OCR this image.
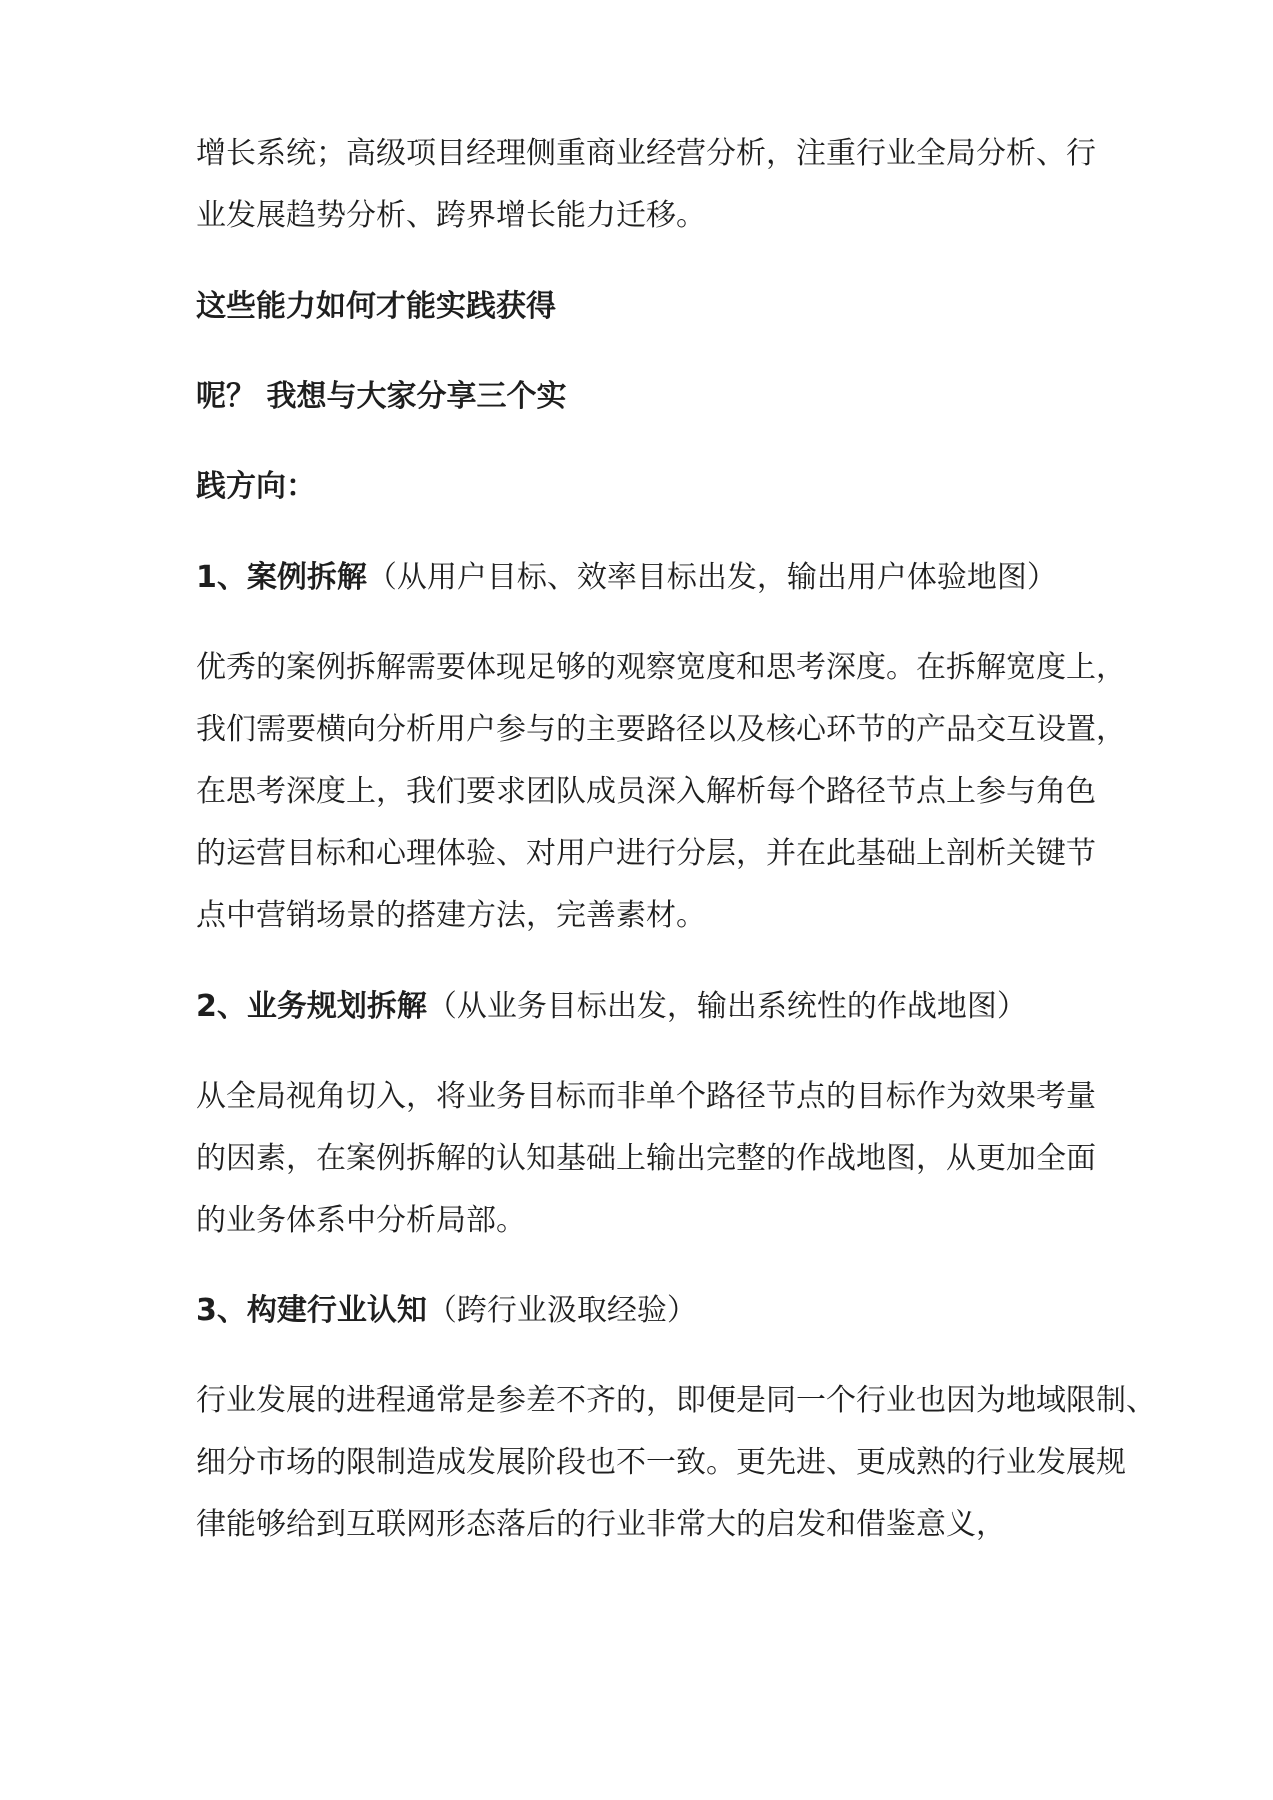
增长系统；高级项目经理侧重商业经营分析，注重行业全局分析、行
业发展趋势分析、跨界增长能力迁移。
这些能力如何才能实践获得
呢？ 我想与大家分享三个实
践方向：
1、案例拆解（从用户目标、效率目标出发，输出用户体验地图）
优秀的案例拆解需要体现足够的观察宽度和思考深度。在拆解宽度上，
我们需要横向分析用户参与的主要路径以及核心环节的产品交互设置，
在思考深度上，我们要求团队成员深入解析每个路径节点上参与角色
的运营目标和心理体验、对用户进行分层，并在此基础上剖析关键节
点中营销场景的搭建方法，完善素材。
2、业务规划拆解（从业务目标出发，输出系统性的作战地图）
从全局视角切入，将业务目标而非单个路径节点的目标作为效果考量
的因素，在案例拆解的认知基础上输出完整的作战地图，从更加全面
的业务体系中分析局部。
3、构建行业认知（跨行业汲取经验）
行业发展的进程通常是参差不齐的，即便是同一个行业也因为地域限制、
细分市场的限制造成发展阶段也不一致。更先进、更成熟的行业发展规
律能够给到互联网形态落后的行业非常大的启发和借鉴意义，
